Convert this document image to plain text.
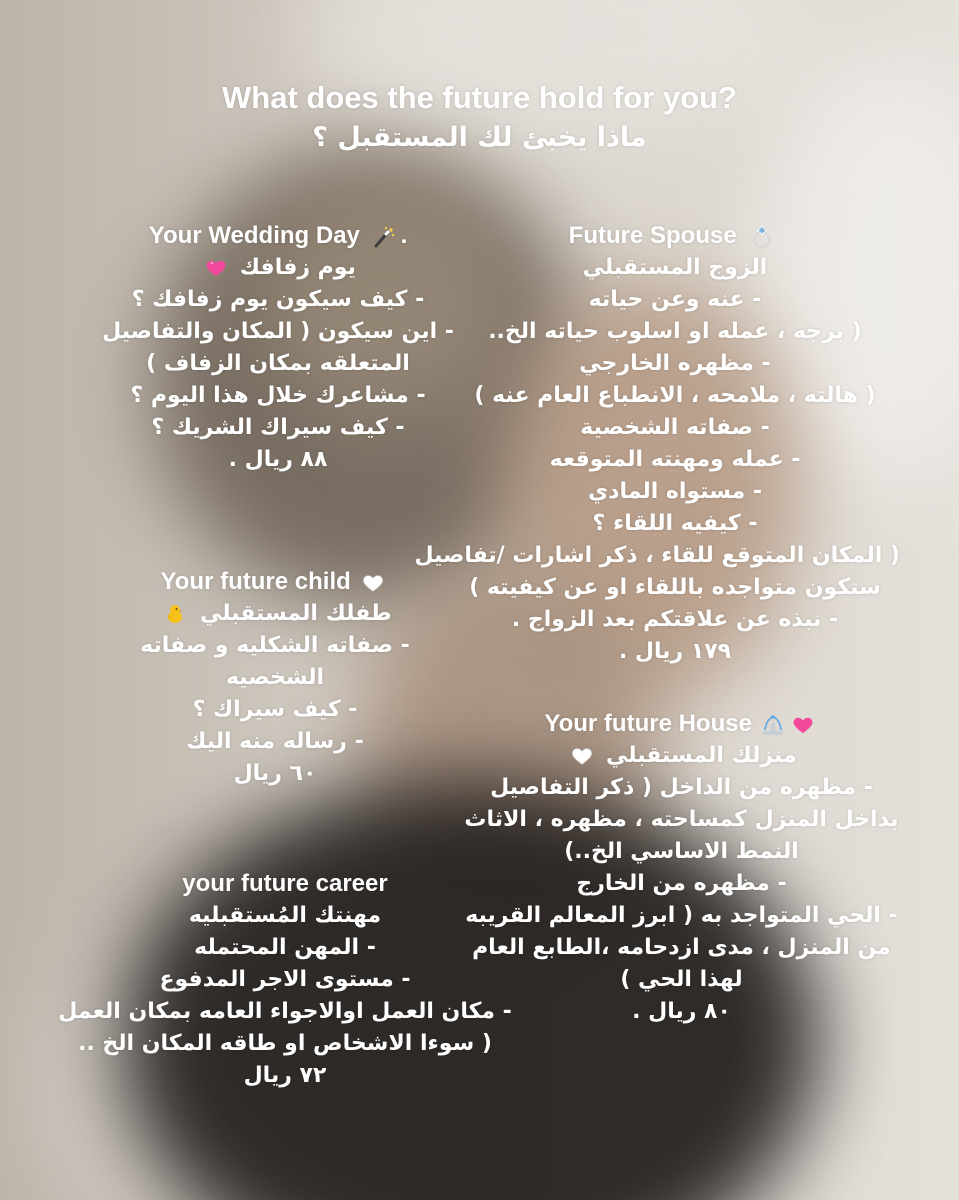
What does the future hold for you?
ماذا يخبئ لك المستقبل ؟
Your Wedding Day .
يوم زفافك
- كيف سيكون يوم زفافك ؟
- اين سيكون ( المكان والتفاصيل
المتعلقه بمكان الزفاف )
- مشاعرك خلال هذا اليوم ؟
- كيف سيراك الشريك ؟
٨٨ ريال .
Future Spouse
الزوج المستقبلي
- عنه وعن حياته
( برجه ، عمله او اسلوب حياته الخ..
- مظهره الخارجي
( هالته ، ملامحه ، الانطباع العام عنه )
- صفاته الشخصية
- عمله ومهنته المتوقعه
- مستواه المادي
- كيفيه اللقاء ؟
( المكان المتوقع للقاء ، ذكر اشارات /تفاصيل
ستكون متواجده باللقاء او عن كيفيته )
- نبذه عن علاقتكم بعد الزواج .
١٧٩ ريال .
Your future child
طفلك المستقبلي
- صفاته الشكليه و صفاته
الشخصيه
- كيف سيراك ؟
- رساله منه اليك
٦٠ ريال
Your future House
منزلك المستقبلي
- مظهره من الداخل ( ذكر التفاصيل
بداخل المنزل كمساحته ، مظهره ، الاثاث
النمط الاساسي الخ..)
- مظهره من الخارج
- الحي المتواجد به ( ابرز المعالم القريبه
من المنزل ، مدى ازدحامه ،الطابع العام
لهذا الحي )
٨٠ ريال .
your future career
مهنتك المُستقبليه
- المهن المحتمله
- مستوى الاجر المدفوع
- مكان العمل اوالاجواء العامه بمكان العمل
( سوءا الاشخاص او طاقه المكان الخ ..
٧٢ ريال
